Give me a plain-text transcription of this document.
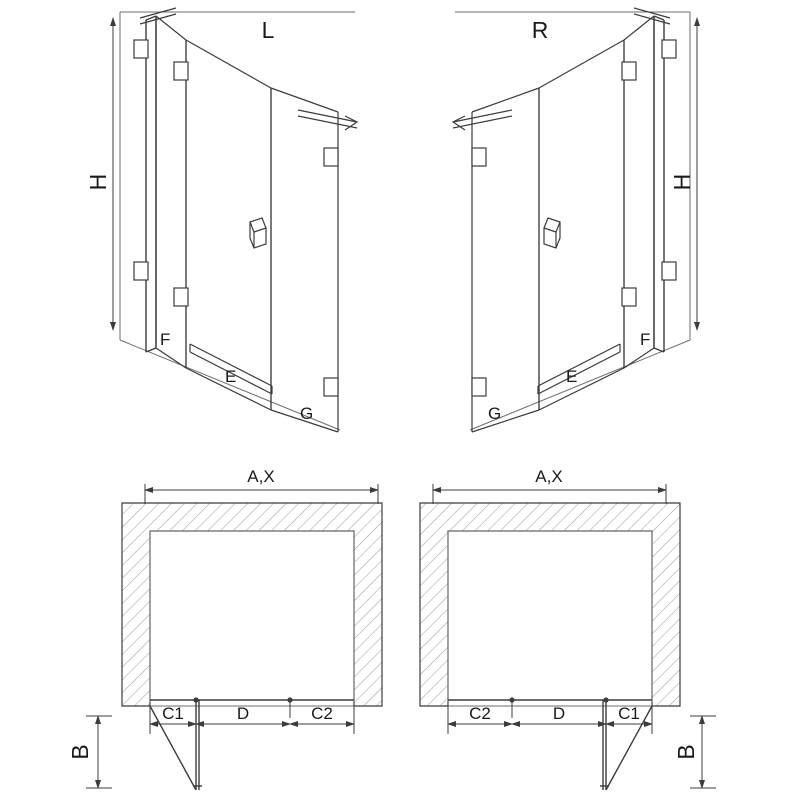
H
L
F
E
G
H
R
F
E
G
A,X
C1	D	C2
B
A,X
C2	D	C1
B
